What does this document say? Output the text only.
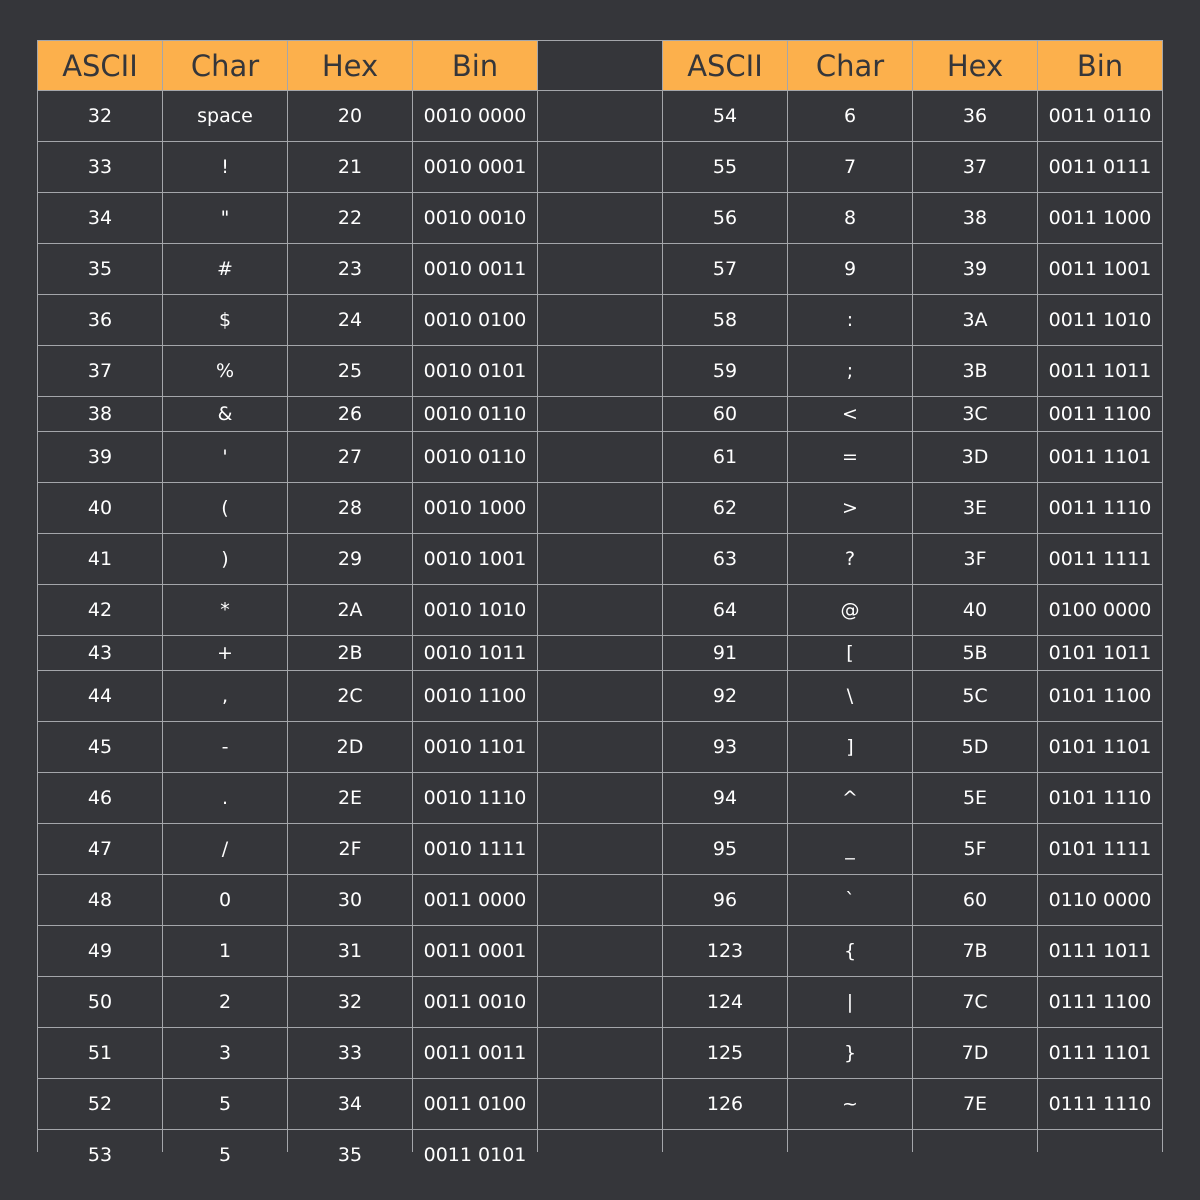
ASCII	Char	Hex	Bin	ASCII	Char	Hex	Bin
32	space	20	0010 0000	54	6	36	0011 0110
33	!	21	0010 0001	55	7	37	0011 0111
34	"	22	0010 0010	56	8	38	0011 1000
35	#	23	0010 0011	57	9	39	0011 1001
36	$	24	0010 0100	58	:	3A	0011 1010
37	%	25	0010 0101	59	;	3B	0011 1011
38	&	26	0010 0110	60	<	3C	0011 1100
39	'	27	0010 0110	61	=	3D	0011 1101
40	(	28	0010 1000	62	>	3E	0011 1110
41	)	29	0010 1001	63	?	3F	0011 1111
42	*	2A	0010 1010	64	@	40	0100 0000
43	+	2B	0010 1011	91	[	5B	0101 1011
44	,	2C	0010 1100	92	\	5C	0101 1100
45	-	2D	0010 1101	93	]	5D	0101 1101
46	.	2E	0010 1110	94	^	5E	0101 1110
47	/	2F	0010 1111	95	_	5F	0101 1111
48	0	30	0011 0000	96	`	60	0110 0000
49	1	31	0011 0001	123	{	7B	0111 1011
50	2	32	0011 0010	124	|	7C	0111 1100
51	3	33	0011 0011	125	}	7D	0111 1101
52	5	34	0011 0100	126	~	7E	0111 1110
53	5	35	0011 0101
